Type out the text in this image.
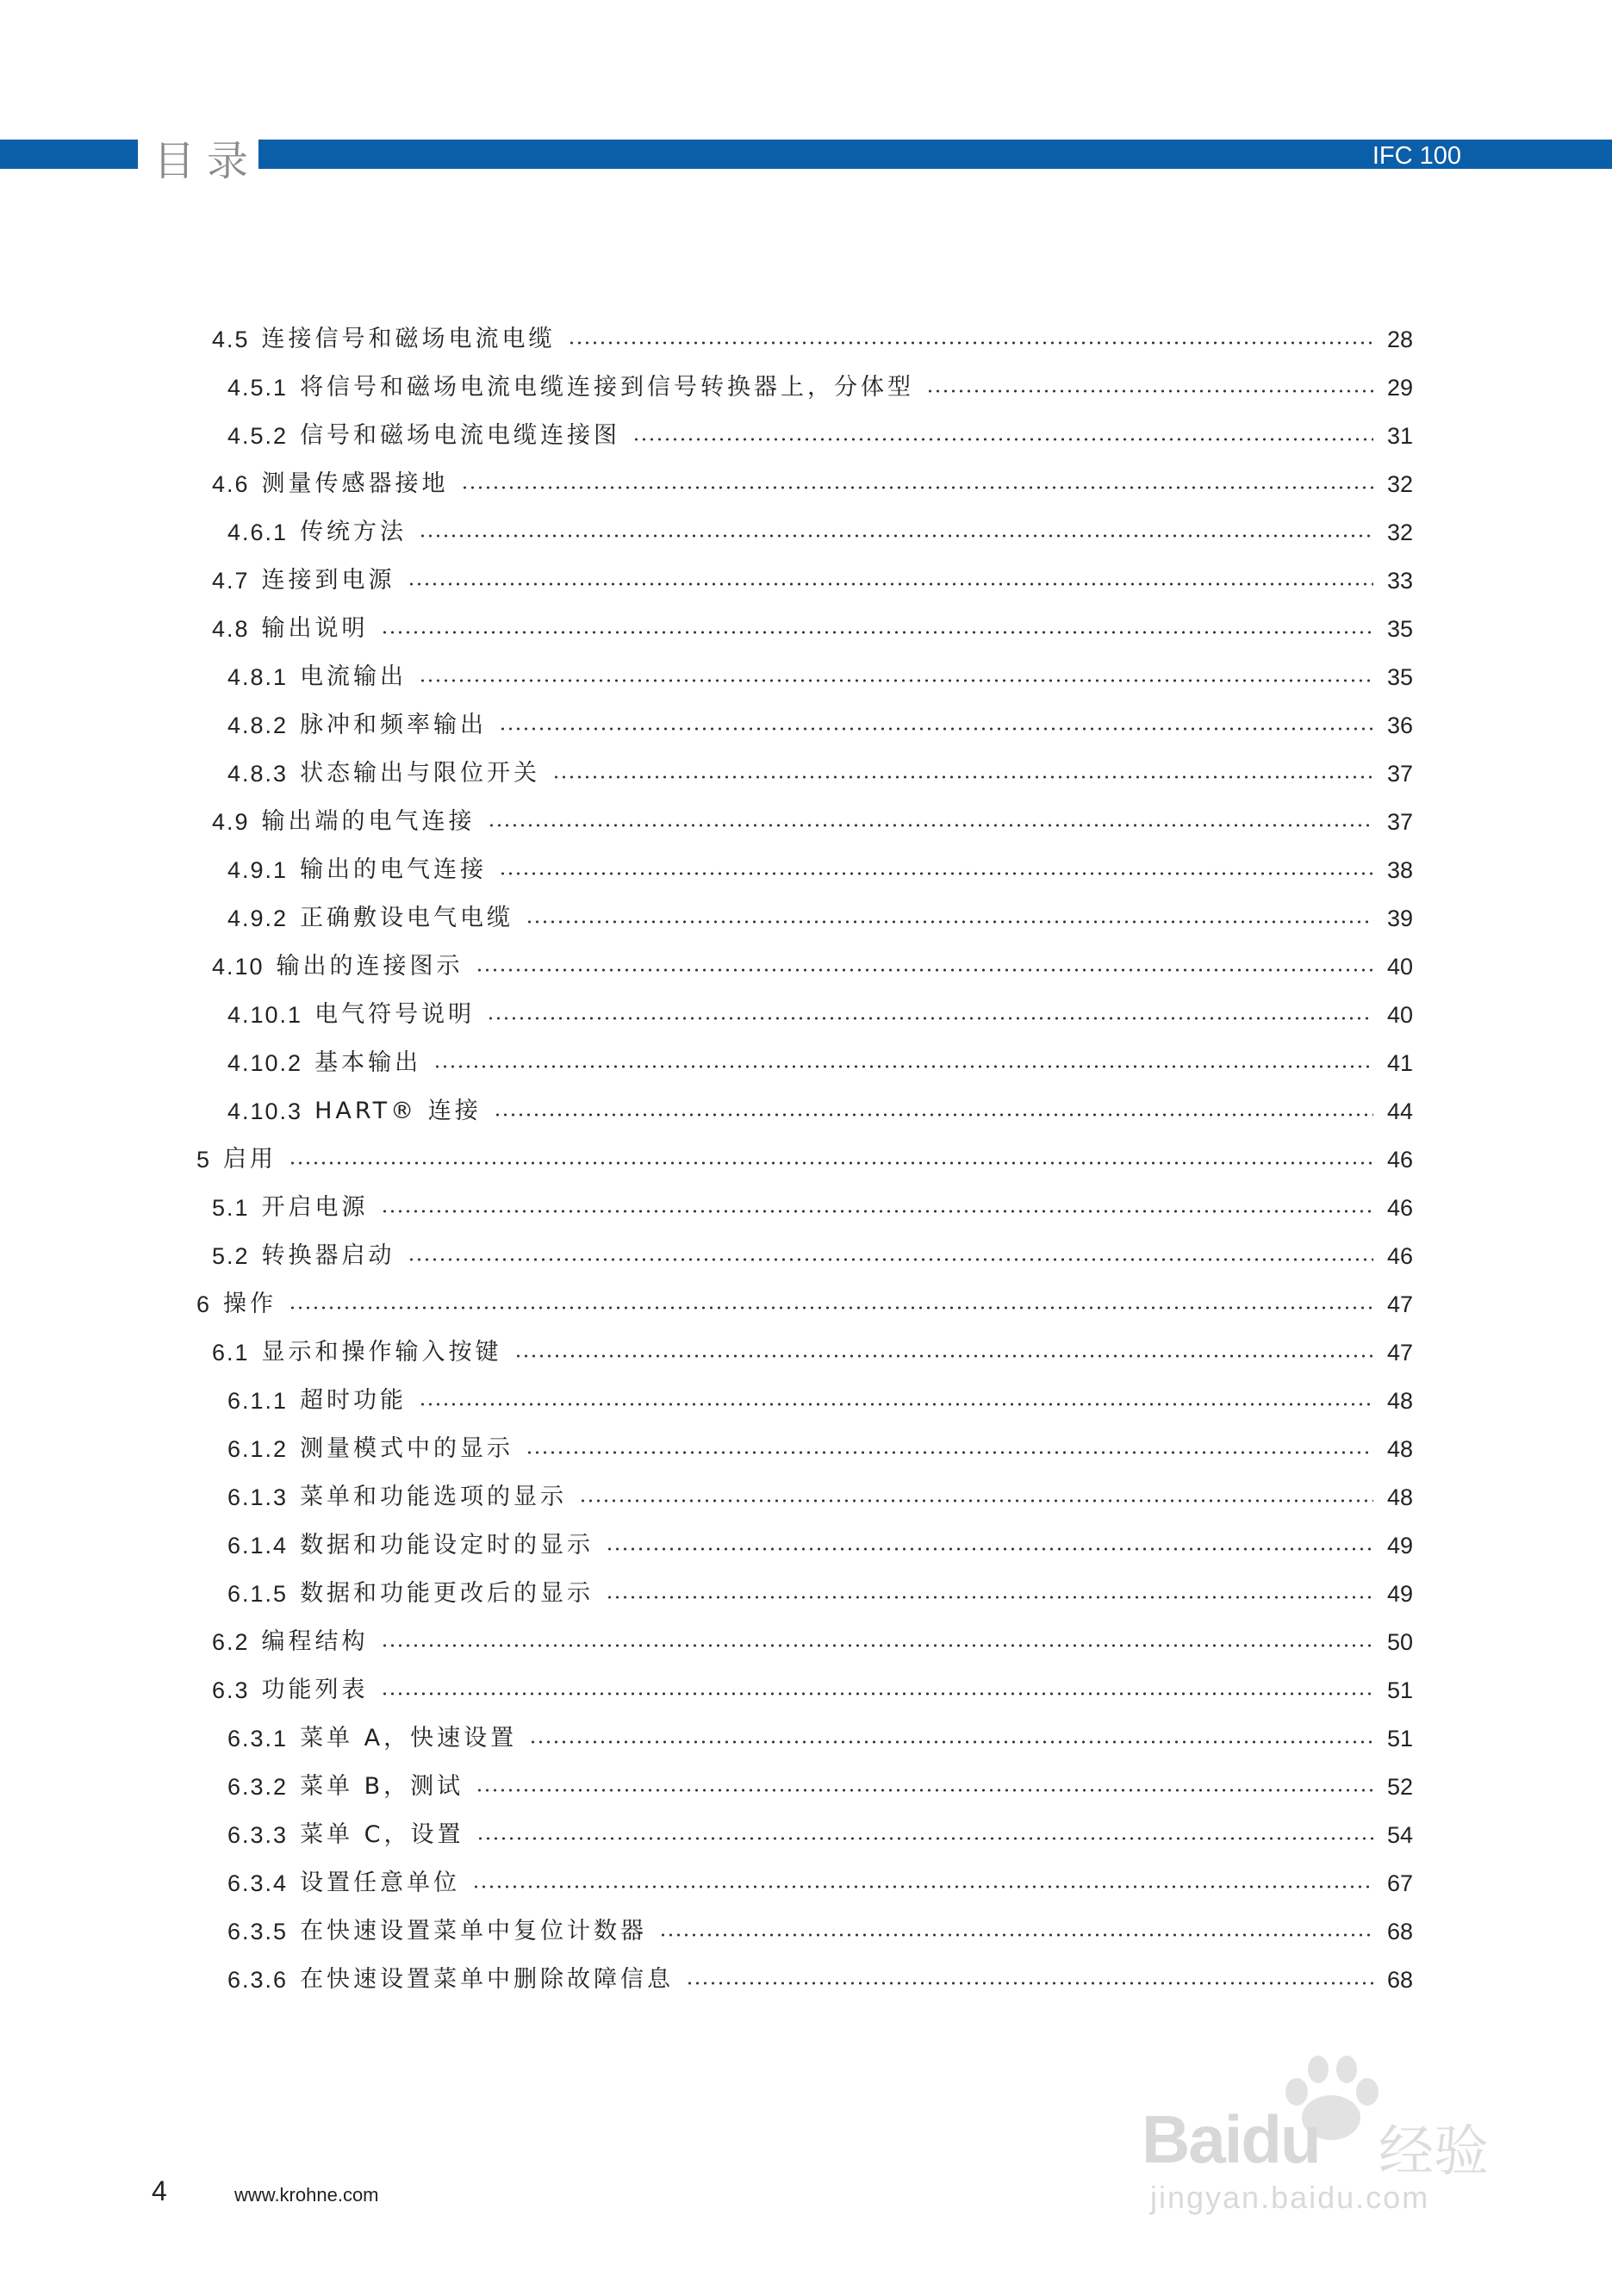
目录	IFC 100
4.5 连接信号和磁场电流电缆	28
4.5.1 将信号和磁场电流电缆连接到信号转换器上，分体型	29
4.5.2 信号和磁场电流电缆连接图	31
4.6 测量传感器接地	32
4.6.1 传统方法	32
4.7 连接到电源	33
4.8 输出说明	35
4.8.1 电流输出	35
4.8.2 脉冲和频率输出	36
4.8.3 状态输出与限位开关	37
4.9 输出端的电气连接	37
4.9.1 输出的电气连接	38
4.9.2 正确敷设电气电缆	39
4.10 输出的连接图示	40
4.10.1 电气符号说明	40
4.10.2 基本输出	41
4.10.3 HART® 连接	44
5 启用	46
5.1 开启电源	46
5.2 转换器启动	46
6 操作	47
6.1 显示和操作输入按键	47
6.1.1 超时功能	48
6.1.2 测量模式中的显示	48
6.1.3 菜单和功能选项的显示	48
6.1.4 数据和功能设定时的显示	49
6.1.5 数据和功能更改后的显示	49
6.2 编程结构	50
6.3 功能列表	51
6.3.1 菜单 A，快速设置	51
6.3.2 菜单 B，测试	52
6.3.3 菜单 C，设置	54
6.3.4 设置任意单位	67
6.3.5 在快速设置菜单中复位计数器	68
6.3.6 在快速设置菜单中删除故障信息	68
4	www.krohne.com
Baidu 经验
jingyan.baidu.com
